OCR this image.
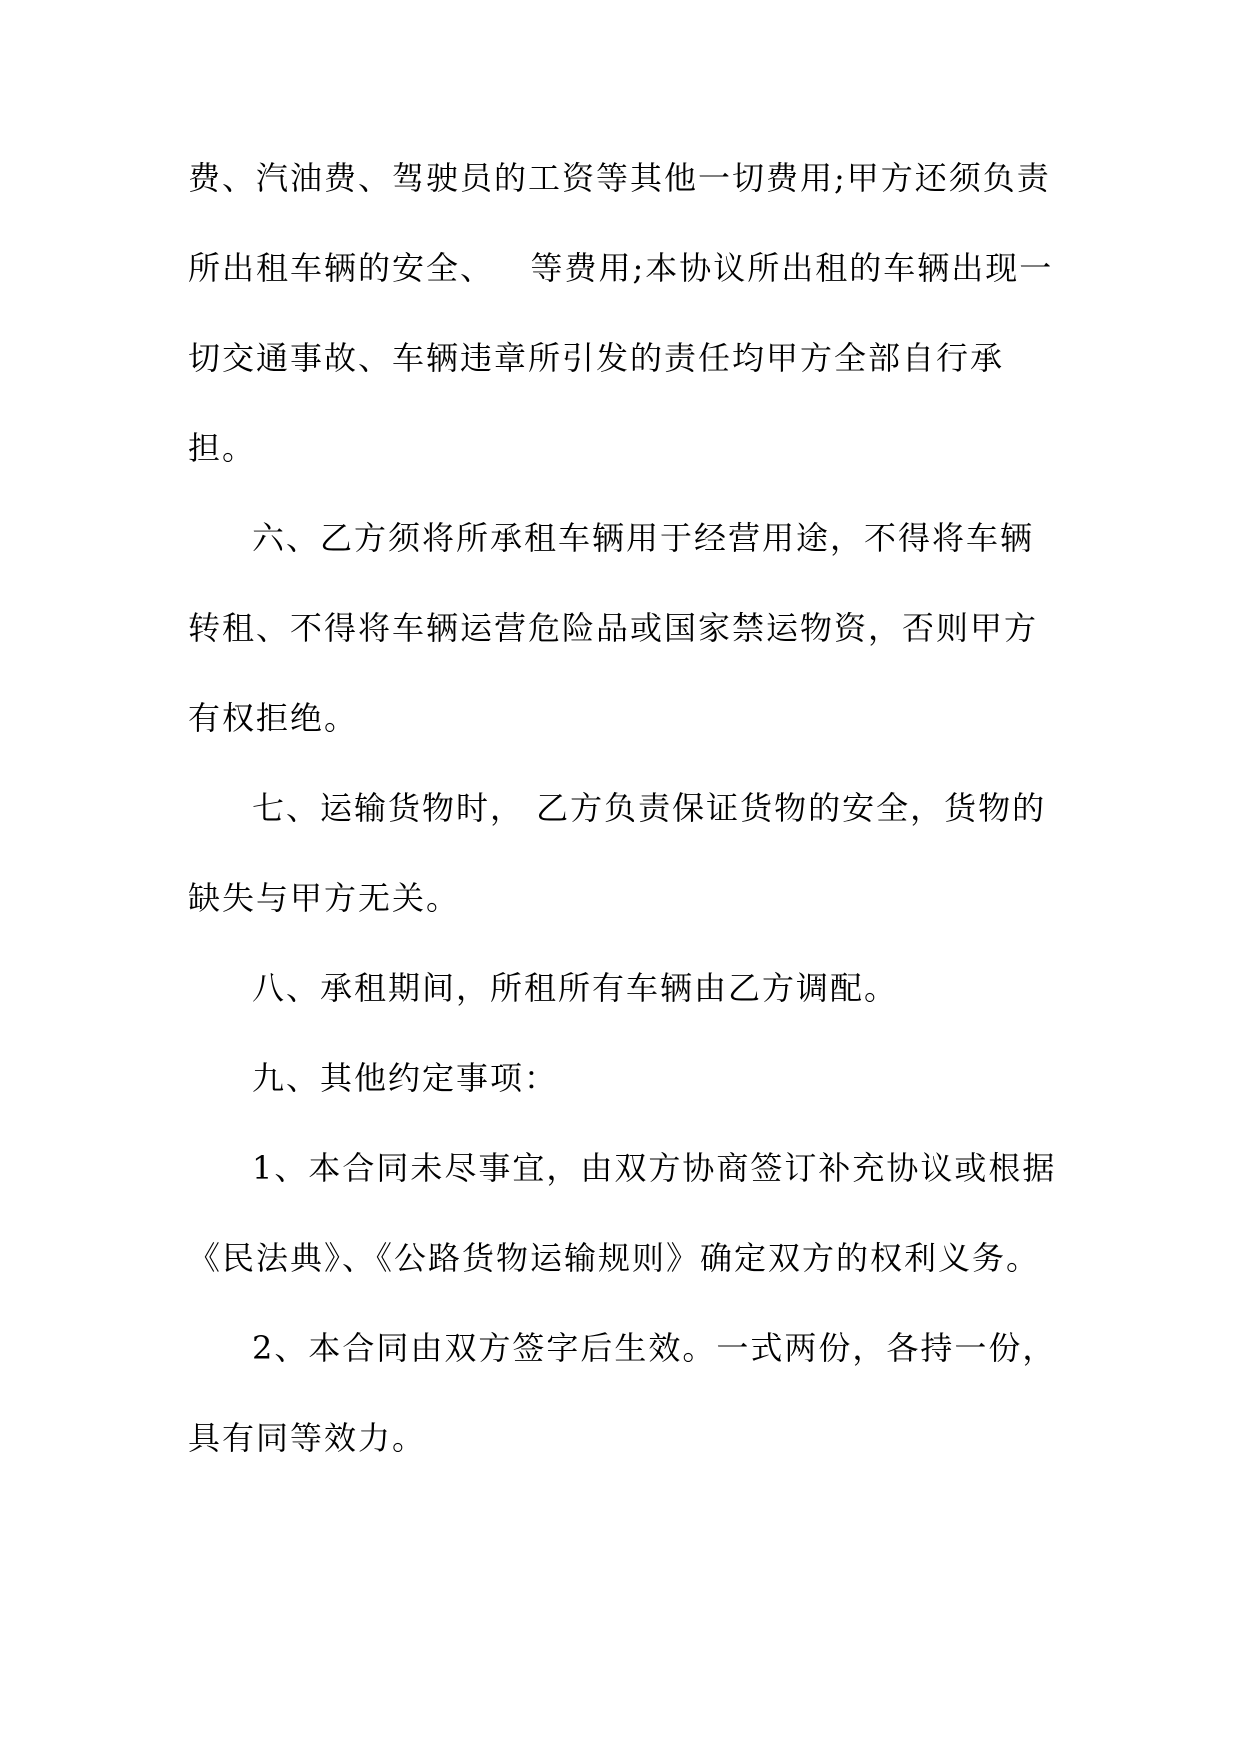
费、汽油费、驾驶员的工资等其他一切费用;甲方还须负责
所出租车辆的安全、   等费用;本协议所出租的车辆出现一
切交通事故、车辆违章所引发的责任均甲方全部自行承
担。
六、乙方须将所承租车辆用于经营用途，不得将车辆
转租、不得将车辆运营危险品或国家禁运物资，否则甲方
有权拒绝。
七、运输货物时， 乙方负责保证货物的安全，货物的
缺失与甲方无关。
八、承租期间，所租所有车辆由乙方调配。
九、其他约定事项：
1、本合同未尽事宜，由双方协商签订补充协议或根据
《民法典》、《公路货物运输规则》确定双方的权利义务。
2、本合同由双方签字后生效。一式两份，各持一份，
具有同等效力。
